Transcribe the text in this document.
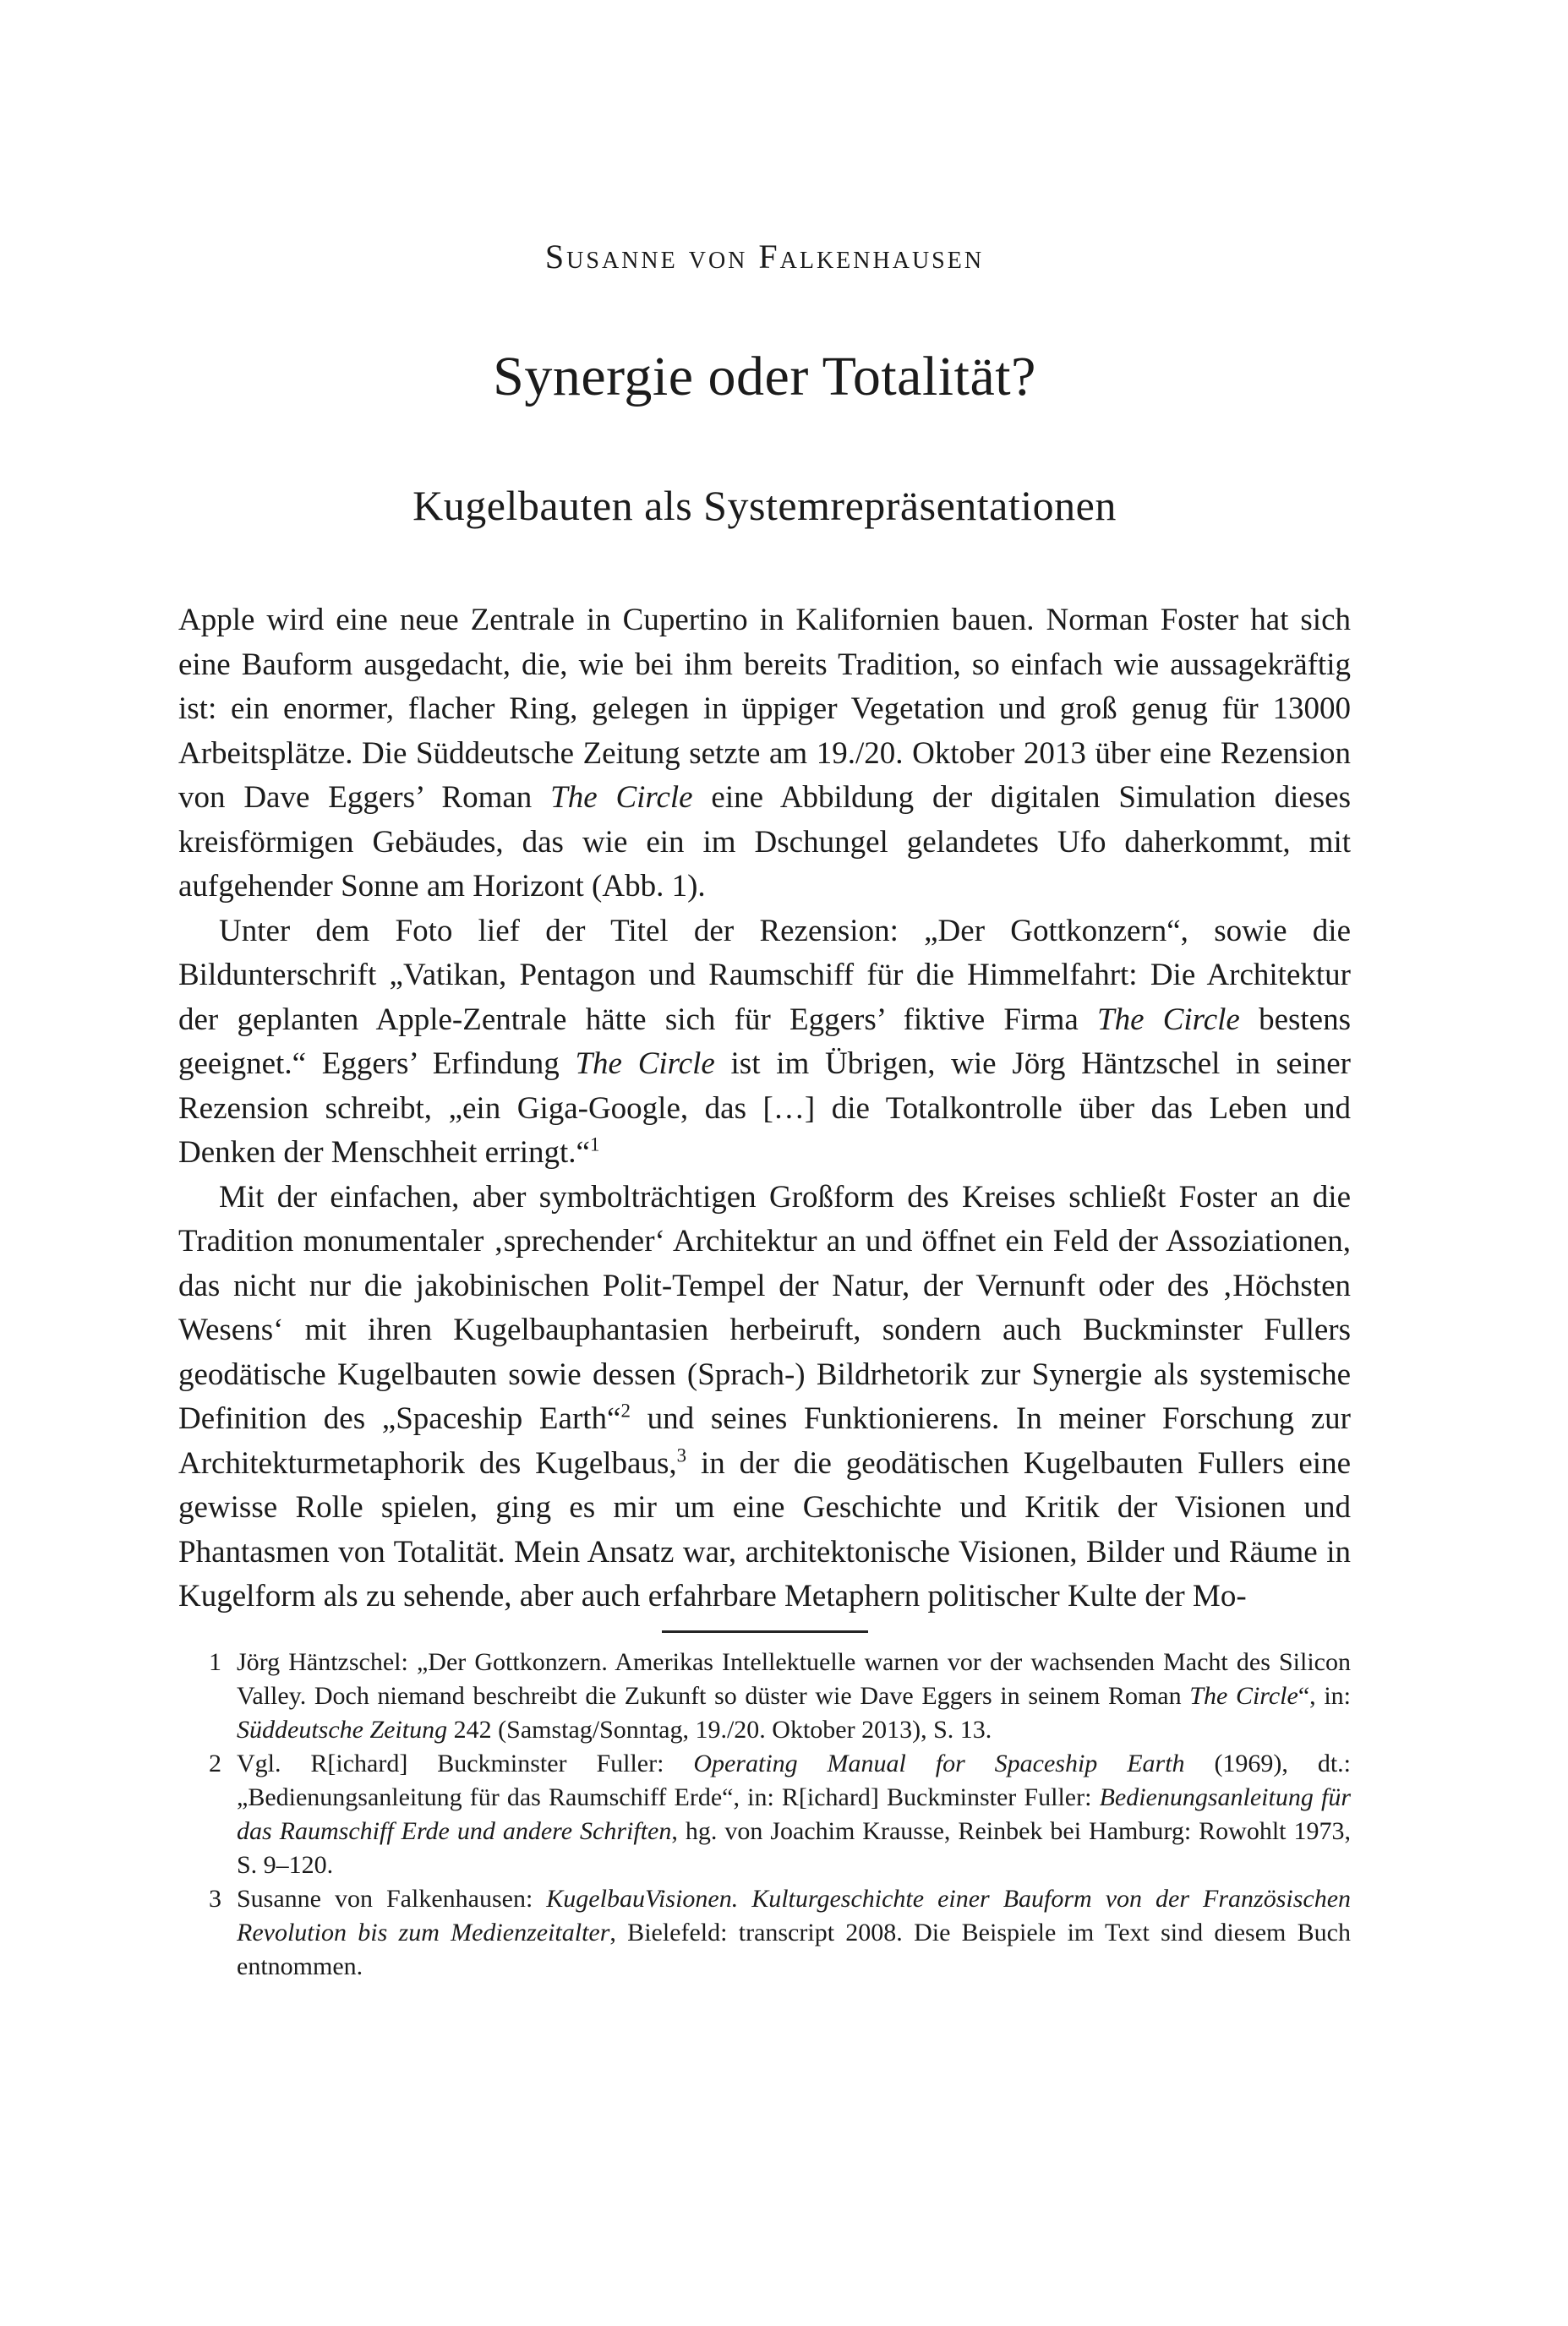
Susanne von Falkenhausen
Synergie oder Totalität?
Kugelbauten als Systemrepräsentationen

Apple wird eine neue Zentrale in Cupertino in Kalifornien bauen. Norman Foster hat sich eine Bauform ausgedacht, die, wie bei ihm bereits Tradition, so einfach wie aussagekräftig ist: ein enormer, flacher Ring, gelegen in üppiger Vegetation und groß genug für 13000 Arbeitsplätze. Die Süddeutsche Zeitung setzte am 19./20. Oktober 2013 über eine Rezension von Dave Eggers’ Roman The Circle eine Abbildung der digitalen Simulation dieses kreisförmigen Gebäudes, das wie ein im Dschungel gelandetes Ufo daherkommt, mit aufgehender Sonne am Horizont (Abb. 1).

Unter dem Foto lief der Titel der Rezension: „Der Gottkonzern“, sowie die Bildunterschrift „Vatikan, Pentagon und Raumschiff für die Himmelfahrt: Die Architektur der geplanten Apple-Zentrale hätte sich für Eggers’ fiktive Firma The Circle bestens geeignet.“ Eggers’ Erfindung The Circle ist im Übrigen, wie Jörg Häntzschel in seiner Rezension schreibt, „ein Giga-Google, das […] die Totalkontrolle über das Leben und Denken der Menschheit erringt.“$^1$

Mit der einfachen, aber symbolträchtigen Großform des Kreises schließt Foster an die Tradition monumentaler ‚sprechender‘ Architektur an und öffnet ein Feld der Assoziationen, das nicht nur die jakobinischen Polit-Tempel der Natur, der Vernunft oder des ‚Höchsten Wesens‘ mit ihren Kugelbauphantasien herbeiruft, sondern auch Buckminster Fullers geodätische Kugelbauten sowie dessen (Sprach-) Bildrhetorik zur Synergie als systemische Definition des „Spaceship Earth“$^2$ und seines Funktionierens. In meiner Forschung zur Architekturmetaphorik des Kugelbaus,$^3$ in der die geodätischen Kugelbauten Fullers eine gewisse Rolle spielen, ging es mir um eine Geschichte und Kritik der Visionen und Phantasmen von Totalität. Mein Ansatz war, architektonische Visionen, Bilder und Räume in Kugelform als zu sehende, aber auch erfahrbare Metaphern politischer Kulte der Mo-

1 Jörg Häntzschel: „Der Gottkonzern. Amerikas Intellektuelle warnen vor der wachsenden Macht des Silicon Valley. Doch niemand beschreibt die Zukunft so düster wie Dave Eggers in seinem Roman The Circle“, in: Süddeutsche Zeitung 242 (Samstag/Sonntag, 19./20. Oktober 2013), S. 13.
2 Vgl. R[ichard] Buckminster Fuller: Operating Manual for Spaceship Earth (1969), dt.: „Bedienungsanleitung für das Raumschiff Erde“, in: R[ichard] Buckminster Fuller: Bedienungsanleitung für das Raumschiff Erde und andere Schriften, hg. von Joachim Krausse, Reinbek bei Hamburg: Rowohlt 1973, S. 9–120.
3 Susanne von Falkenhausen: KugelbauVisionen. Kulturgeschichte einer Bauform von der Französischen Revolution bis zum Medienzeitalter, Bielefeld: transcript 2008. Die Beispiele im Text sind diesem Buch entnommen.
